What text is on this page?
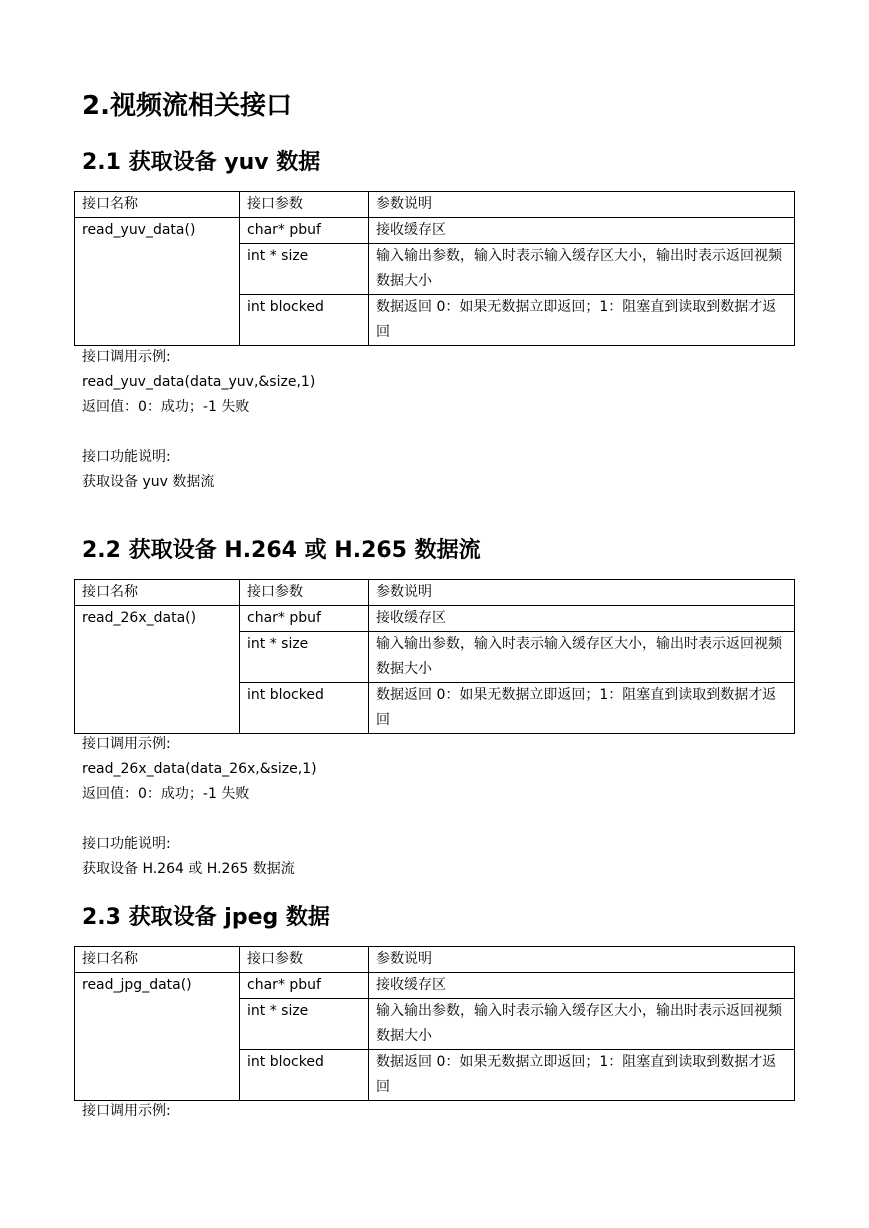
2.视频流相关接口
2.1 获取设备 yuv 数据
接口名称	接口参数	参数说明
read_yuv_data()	char* pbuf	接收缓存区
	int * size	输入输出参数，输入时表示输入缓存区大小，输出时表示返回视频数据大小
	int blocked	数据返回 0：如果无数据立即返回；1：阻塞直到读取到数据才返回
接口调用示例:
read_yuv_data(data_yuv,&size,1)
返回值：0：成功；-1 失败
接口功能说明:
获取设备 yuv 数据流
2.2 获取设备 H.264 或 H.265 数据流
接口名称	接口参数	参数说明
read_26x_data()	char* pbuf	接收缓存区
	int * size	输入输出参数，输入时表示输入缓存区大小，输出时表示返回视频数据大小
	int blocked	数据返回 0：如果无数据立即返回；1：阻塞直到读取到数据才返回
接口调用示例:
read_26x_data(data_26x,&size,1)
返回值：0：成功；-1 失败
接口功能说明:
获取设备 H.264 或 H.265 数据流
2.3 获取设备 jpeg 数据
接口名称	接口参数	参数说明
read_jpg_data()	char* pbuf	接收缓存区
	int * size	输入输出参数，输入时表示输入缓存区大小，输出时表示返回视频数据大小
	int blocked	数据返回 0：如果无数据立即返回；1：阻塞直到读取到数据才返回
接口调用示例:
